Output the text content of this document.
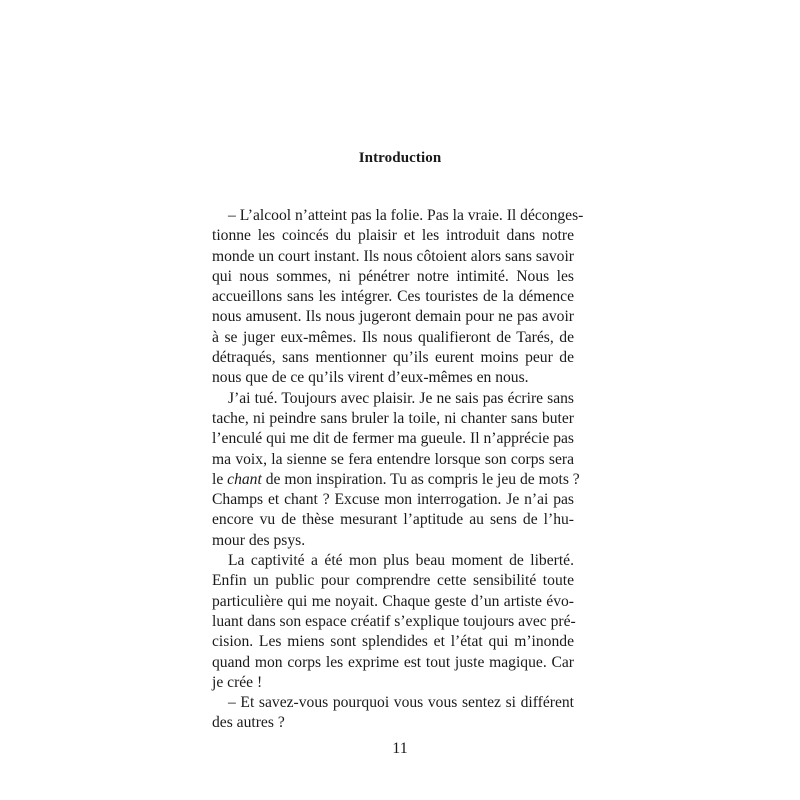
Introduction
– L’alcool n’atteint pas la folie. Pas la vraie. Il déconges-
tionne les coincés du plaisir et les introduit dans notre
monde un court instant. Ils nous côtoient alors sans savoir
qui nous sommes, ni pénétrer notre intimité. Nous les
accueillons sans les intégrer. Ces touristes de la démence
nous amusent. Ils nous jugeront demain pour ne pas avoir
à se juger eux-mêmes. Ils nous qualifieront de Tarés, de
détraqués, sans mentionner qu’ils eurent moins peur de
nous que de ce qu’ils virent d’eux-mêmes en nous.
J’ai tué. Toujours avec plaisir. Je ne sais pas écrire sans
tache, ni peindre sans bruler la toile, ni chanter sans buter
l’enculé qui me dit de fermer ma gueule. Il n’apprécie pas
ma voix, la sienne se fera entendre lorsque son corps sera
le chant de mon inspiration. Tu as compris le jeu de mots ?
Champs et chant ? Excuse mon interrogation. Je n’ai pas
encore vu de thèse mesurant l’aptitude au sens de l’hu-
mour des psys.
La captivité a été mon plus beau moment de liberté.
Enfin un public pour comprendre cette sensibilité toute
particulière qui me noyait. Chaque geste d’un artiste évo-
luant dans son espace créatif s’explique toujours avec pré-
cision. Les miens sont splendides et l’état qui m’inonde
quand mon corps les exprime est tout juste magique. Car
je crée !
– Et savez-vous pourquoi vous vous sentez si différent
des autres ?
11
